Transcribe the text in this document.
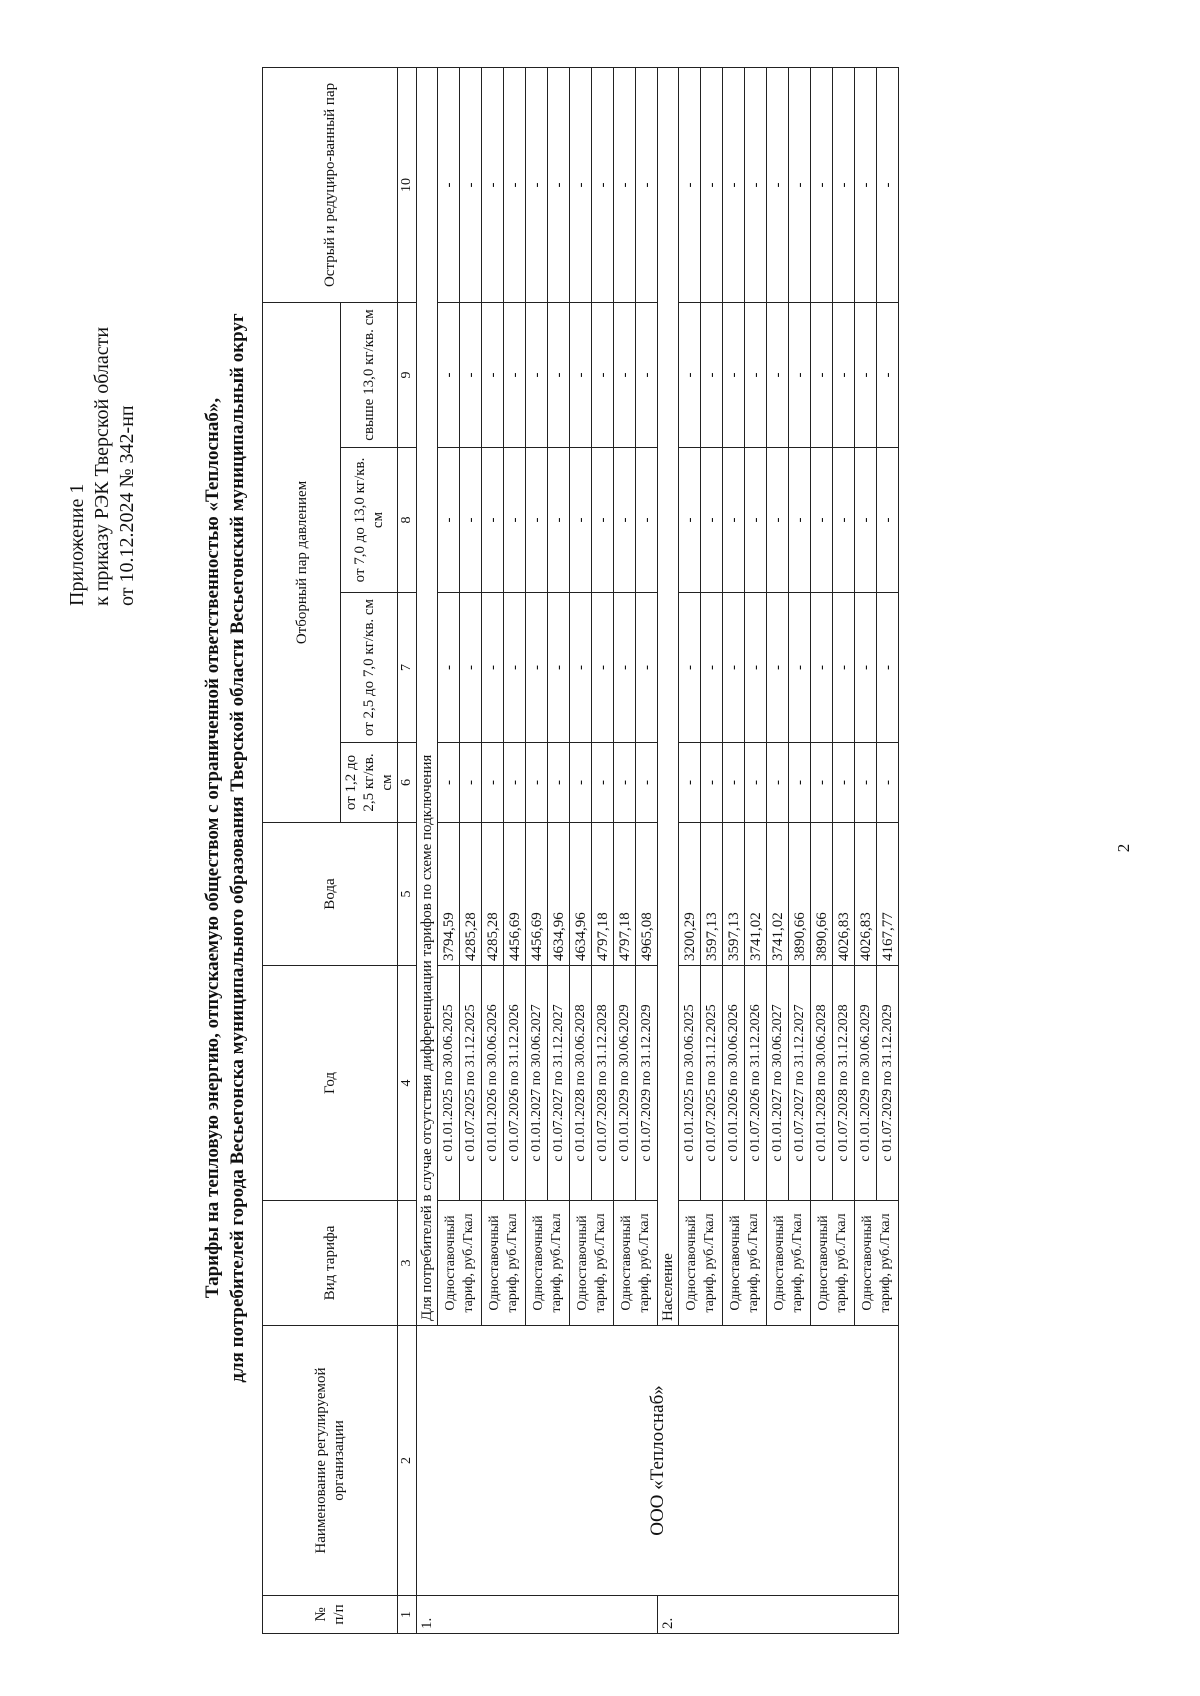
2
Приложение 1 к приказу РЭК Тверской области от 10.12.2024 № 342-нп	Тарифы на тепловую энергию, отпускаемую обществом с ограниченной ответственностью «Теплоснаб», для потребителей города Весьегонска муниципального образования Тверской области Весьегонский муниципальный округ
№ п/п	Наименование регулируемой организации	Вид тарифа	Год	Вода	Отборный пар давлением				Острый и редуциро-ванный пар
					от 1,2 до 2,5 кг/кв. см	от 2,5 до 7,0 кг/кв. см	от 7,0 до 13,0 кг/кв. см	свыше 13,0 кг/кв. см	
1	2	3	4	5	6	7	8	9	10
1.	ООО «Теплоснаб»	Для потребителей в случае отсутствия дифференциации тарифов по схеме подключения							
		Одноставочный тариф, руб./Гкал	с 01.01.2025 по 30.06.2025	3794,59	-	-	-	-	-
			с 01.07.2025 по 31.12.2025	4285,28	-	-	-	-	-
		Одноставочный тариф, руб./Гкал	с 01.01.2026 по 30.06.2026	4285,28	-	-	-	-	-
			с 01.07.2026 по 31.12.2026	4456,69	-	-	-	-	-
		Одноставочный тариф, руб./Гкал	с 01.01.2027 по 30.06.2027	4456,69	-	-	-	-	-
			с 01.07.2027 по 31.12.2027	4634,96	-	-	-	-	-
		Одноставочный тариф, руб./Гкал	с 01.01.2028 по 30.06.2028	4634,96	-	-	-	-	-
			с 01.07.2028 по 31.12.2028	4797,18	-	-	-	-	-
		Одноставочный тариф, руб./Гкал	с 01.01.2029 по 30.06.2029	4797,18	-	-	-	-	-
			с 01.07.2029 по 31.12.2029	4965,08	-	-	-	-	-
2.		Население							
		Одноставочный тариф, руб./Гкал	с 01.01.2025 по 30.06.2025	3200,29	-	-	-	-	-
			с 01.07.2025 по 31.12.2025	3597,13	-	-	-	-	-
		Одноставочный тариф, руб./Гкал	с 01.01.2026 по 30.06.2026	3597,13	-	-	-	-	-
			с 01.07.2026 по 31.12.2026	3741,02	-	-	-	-	-
		Одноставочный тариф, руб./Гкал	с 01.01.2027 по 30.06.2027	3741,02	-	-	-	-	-
			с 01.07.2027 по 31.12.2027	3890,66	-	-	-	-	-
		Одноставочный тариф, руб./Гкал	с 01.01.2028 по 30.06.2028	3890,66	-	-	-	-	-
			с 01.07.2028 по 31.12.2028	4026,83	-	-	-	-	-
		Одноставочный тариф, руб./Гкал	с 01.01.2029 по 30.06.2029	4026,83	-	-	-	-	-
			с 01.07.2029 по 31.12.2029	4167,77	-	-	-	-	-
